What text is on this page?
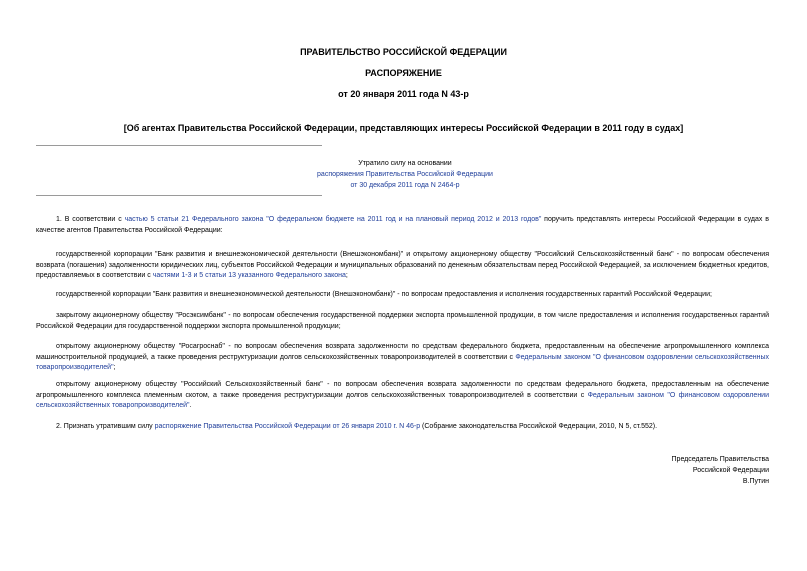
ПРАВИТЕЛЬСТВО РОССИЙСКОЙ ФЕДЕРАЦИИ
РАСПОРЯЖЕНИЕ
от 20 января 2011 года N 43-р
[Об агентах Правительства Российской Федерации, представляющих интересы Российской Федерации в 2011 году в судах]
Утратило силу на основании
распоряжения Правительства Российской Федерации
от 30 декабря 2011 года N 2464-р
1. В соответствии с частью 5 статьи 21 Федерального закона "О федеральном бюджете на 2011 год и на плановый период 2012 и 2013 годов" поручить представлять интересы Российской Федерации в судах в качестве агентов Правительства Российской Федерации:
государственной корпорации "Банк развития и внешнеэкономической деятельности (Внешэкономбанк)" и открытому акционерному обществу "Российский Сельскохозяйственный банк" - по вопросам обеспечения возврата (погашения) задолженности юридических лиц, субъектов Российской Федерации и муниципальных образований по денежным обязательствам перед Российской Федерацией, за исключением бюджетных кредитов, предоставляемых в соответствии с частями 1-3 и 5 статьи 13 указанного Федерального закона;
государственной корпорации "Банк развития и внешнеэкономической деятельности (Внешэкономбанк)" - по вопросам предоставления и исполнения государственных гарантий Российской Федерации;
закрытому акционерному обществу "Росэксимбанк" - по вопросам обеспечения государственной поддержки экспорта промышленной продукции, в том числе предоставления и исполнения государственных гарантий Российской Федерации для государственной поддержки экспорта промышленной продукции;
открытому акционерному обществу "Росагроснаб" - по вопросам обеспечения возврата задолженности по средствам федерального бюджета, предоставленным на обеспечение агропромышленного комплекса машиностроительной продукцией, а также проведения реструктуризации долгов сельскохозяйственных товаропроизводителей в соответствии с Федеральным законом "О финансовом оздоровлении сельскохозяйственных товаропроизводителей";
открытому акционерному обществу "Российский Сельскохозяйственный банк" - по вопросам обеспечения возврата задолженности по средствам федерального бюджета, предоставленным на обеспечение агропромышленного комплекса племенным скотом, а также проведения реструктуризации долгов сельскохозяйственных товаропроизводителей в соответствии с Федеральным законом "О финансовом оздоровлении сельскохозяйственных товаропроизводителей".
2. Признать утратившим силу распоряжение Правительства Российской Федерации от 26 января 2010 г. N 46-р (Собрание законодательства Российской Федерации, 2010, N 5, ст.552).
Председатель Правительства
Российской Федерации
В.Путин
